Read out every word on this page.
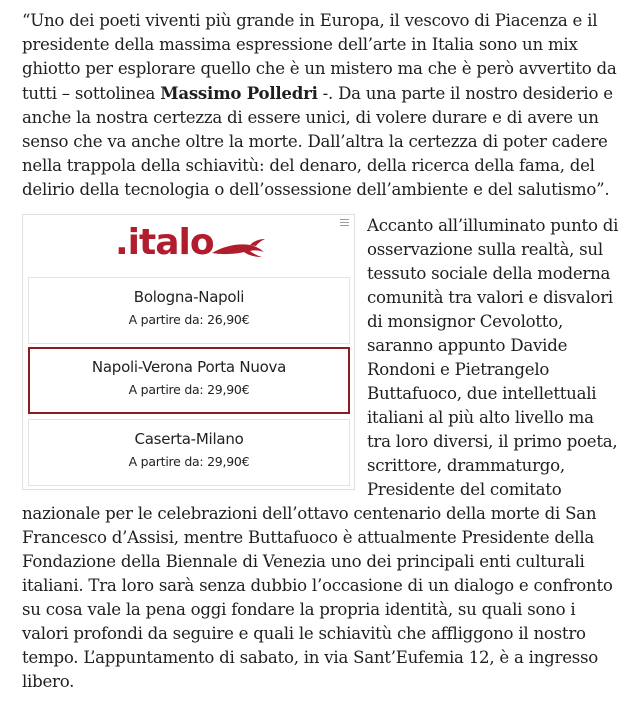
“Uno dei poeti viventi più grande in Europa, il vescovo di Piacenza e il presidente della massima espressione dell’arte in Italia sono un mix ghiotto per esplorare quello che è un mistero ma che è però avvertito da tutti – sottolinea Massimo Polledri -. Da una parte il nostro desiderio e anche la nostra certezza di essere unici, di volere durare e di avere un senso che va anche oltre la morte. Dall’altra la certezza di poter cadere nella trappola della schiavitù: del denaro, della ricerca della fama, del delirio della tecnologia o dell’ossessione dell’ambiente e del salutismo”.

.italo
Bologna-Napoli
A partire da: 26,90€
Napoli-Verona Porta Nuova
A partire da: 29,90€
Caserta-Milano
A partire da: 29,90€

Accanto all’illuminato punto di osservazione sulla realtà, sul tessuto sociale della moderna comunità tra valori e disvalori di monsignor Cevolotto, saranno appunto Davide Rondoni e Pietrangelo Buttafuoco, due intellettuali italiani al più alto livello ma tra loro diversi, il primo poeta, scrittore, drammaturgo, Presidente del comitato nazionale per le celebrazioni dell’ottavo centenario della morte di San Francesco d’Assisi, mentre Buttafuoco è attualmente Presidente della Fondazione della Biennale di Venezia uno dei principali enti culturali italiani. Tra loro sarà senza dubbio l’occasione di un dialogo e confronto su cosa vale la pena oggi fondare la propria identità, su quali sono i valori profondi da seguire e quali le schiavitù che affliggono il nostro tempo. L’appuntamento di sabato, in via Sant’Eufemia 12, è a ingresso libero.
